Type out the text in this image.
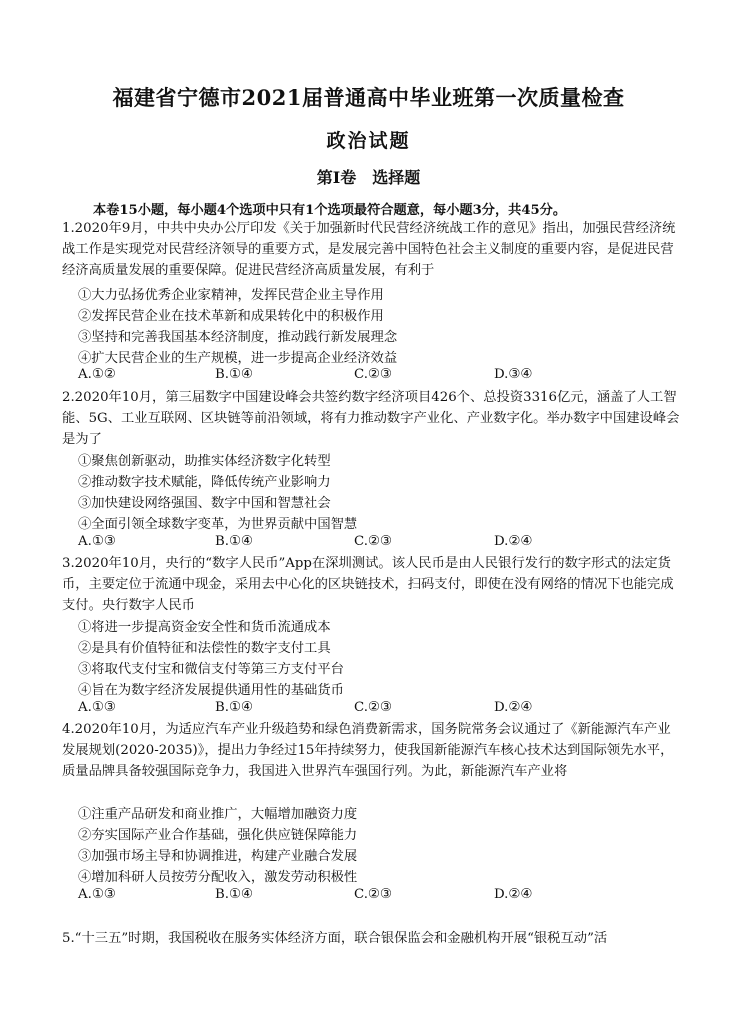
福建省宁德市2021届普通高中毕业班第一次质量检查
政治试题
第Ⅰ卷　选择题
本卷15小题，每小题4个选项中只有1个选项最符合题意，每小题3分，共45分。
1.2020年9月，中共中央办公厅印发《关于加强新时代民营经济统战工作的意见》指出，加强民营经济统战工作是实现党对民营经济领导的重要方式，是发展完善中国特色社会主义制度的重要内容，是促进民营经济高质量发展的重要保障。促进民营经济高质量发展，有利于
①大力弘扬优秀企业家精神，发挥民营企业主导作用
②发挥民营企业在技术革新和成果转化中的积极作用
③坚持和完善我国基本经济制度，推动践行新发展理念
④扩大民营企业的生产规模，进一步提高企业经济效益
A.①②	B.①④	C.②③	D.③④
2.2020年10月，第三届数字中国建设峰会共签约数字经济项目426个、总投资3316亿元，涵盖了人工智能、5G、工业互联网、区块链等前沿领域，将有力推动数字产业化、产业数字化。举办数字中国建设峰会是为了
①聚焦创新驱动，助推实体经济数字化转型
②推动数字技术赋能，降低传统产业影响力
③加快建设网络强国、数字中国和智慧社会
④全面引领全球数字变革，为世界贡献中国智慧
A.①③	B.①④	C.②③	D.②④
3.2020年10月，央行的“数字人民币”App在深圳测试。该人民币是由人民银行发行的数字形式的法定货币，主要定位于流通中现金，采用去中心化的区块链技术，扫码支付，即使在没有网络的情况下也能完成支付。央行数字人民币
①将进一步提高资金安全性和货币流通成本
②是具有价值特征和法偿性的数字支付工具
③将取代支付宝和微信支付等第三方支付平台
④旨在为数字经济发展提供通用性的基础货币
A.①③	B.①④	C.②③	D.②④
4.2020年10月，为适应汽车产业升级趋势和绿色消费新需求，国务院常务会议通过了《新能源汽车产业发展规划(2020-2035)》，提出力争经过15年持续努力，使我国新能源汽车核心技术达到国际领先水平，质量品牌具备较强国际竞争力，我国进入世界汽车强国行列。为此，新能源汽车产业将
①注重产品研发和商业推广，大幅增加融资力度
②夯实国际产业合作基础，强化供应链保障能力
③加强市场主导和协调推进，构建产业融合发展
④增加科研人员按劳分配收入，激发劳动积极性
A.①③	B.①④	C.②③	D.②④
5.“十三五”时期，我国税收在服务实体经济方面，联合银保监会和金融机构开展“银税互动”活
